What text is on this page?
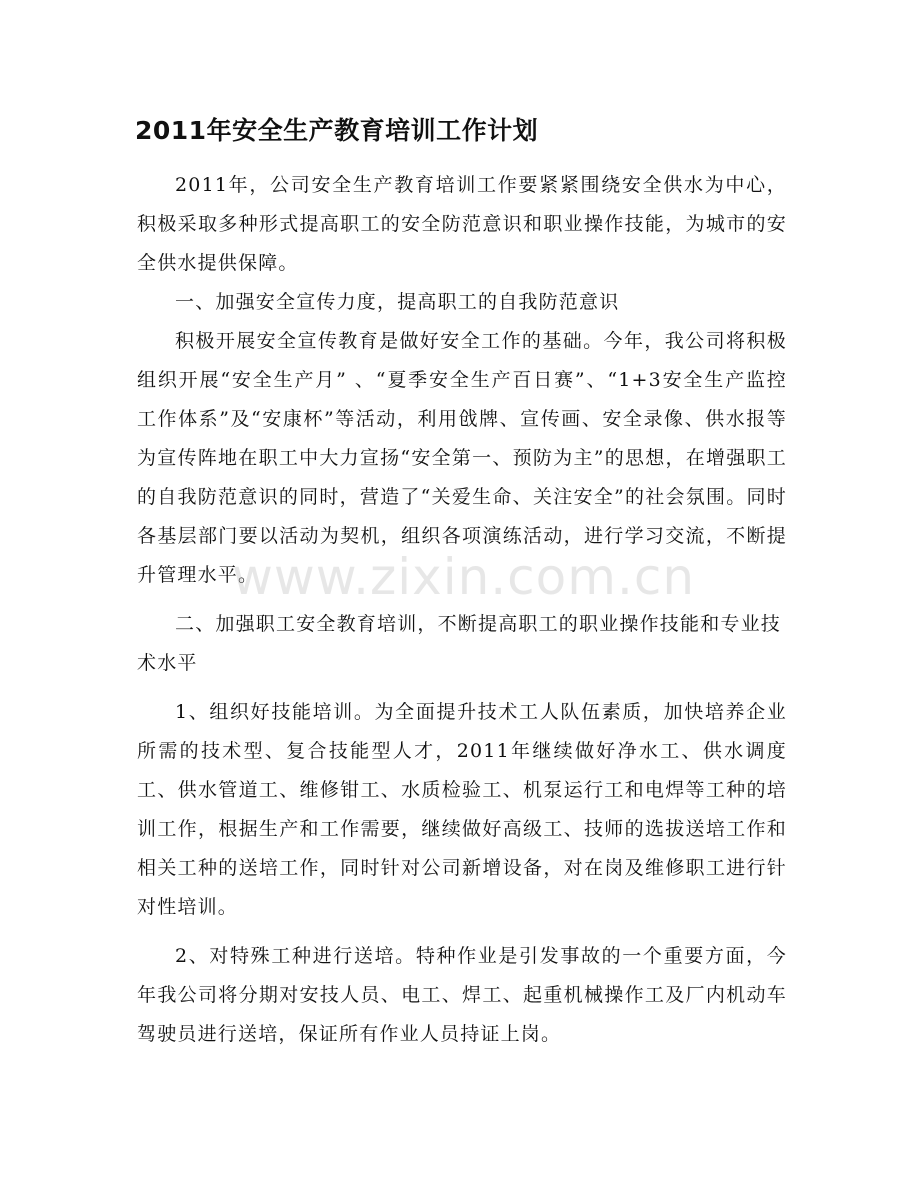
2011年安全生产教育培训工作计划

2011年，公司安全生产教育培训工作要紧紧围绕安全供水为中心，积极采取多种形式提高职工的安全防范意识和职业操作技能，为城市的安全供水提供保障。

一、加强安全宣传力度，提高职工的自我防范意识

积极开展安全宣传教育是做好安全工作的基础。今年，我公司将积极组织开展“安全生产月” 、“夏季安全生产百日赛”、“1+3安全生产监控工作体系”及“安康杯”等活动，利用戗牌、宣传画、安全录像、供水报等为宣传阵地在职工中大力宣扬“安全第一、预防为主”的思想，在增强职工的自我防范意识的同时，营造了“关爱生命、关注安全”的社会氛围。同时各基层部门要以活动为契机，组织各项演练活动，进行学习交流，不断提升管理水平。

二、加强职工安全教育培训，不断提高职工的职业操作技能和专业技术水平

1、组织好技能培训。为全面提升技术工人队伍素质，加快培养企业所需的技术型、复合技能型人才，2011年继续做好净水工、供水调度工、供水管道工、维修钳工、水质检验工、机泵运行工和电焊等工种的培训工作，根据生产和工作需要，继续做好高级工、技师的选拔送培工作和相关工种的送培工作，同时针对公司新增设备，对在岗及维修职工进行针对性培训。

2、对特殊工种进行送培。特种作业是引发事故的一个重要方面，今年我公司将分期对安技人员、电工、焊工、起重机械操作工及厂内机动车驾驶员进行送培，保证所有作业人员持证上岗。

www.zixin.com.cn
